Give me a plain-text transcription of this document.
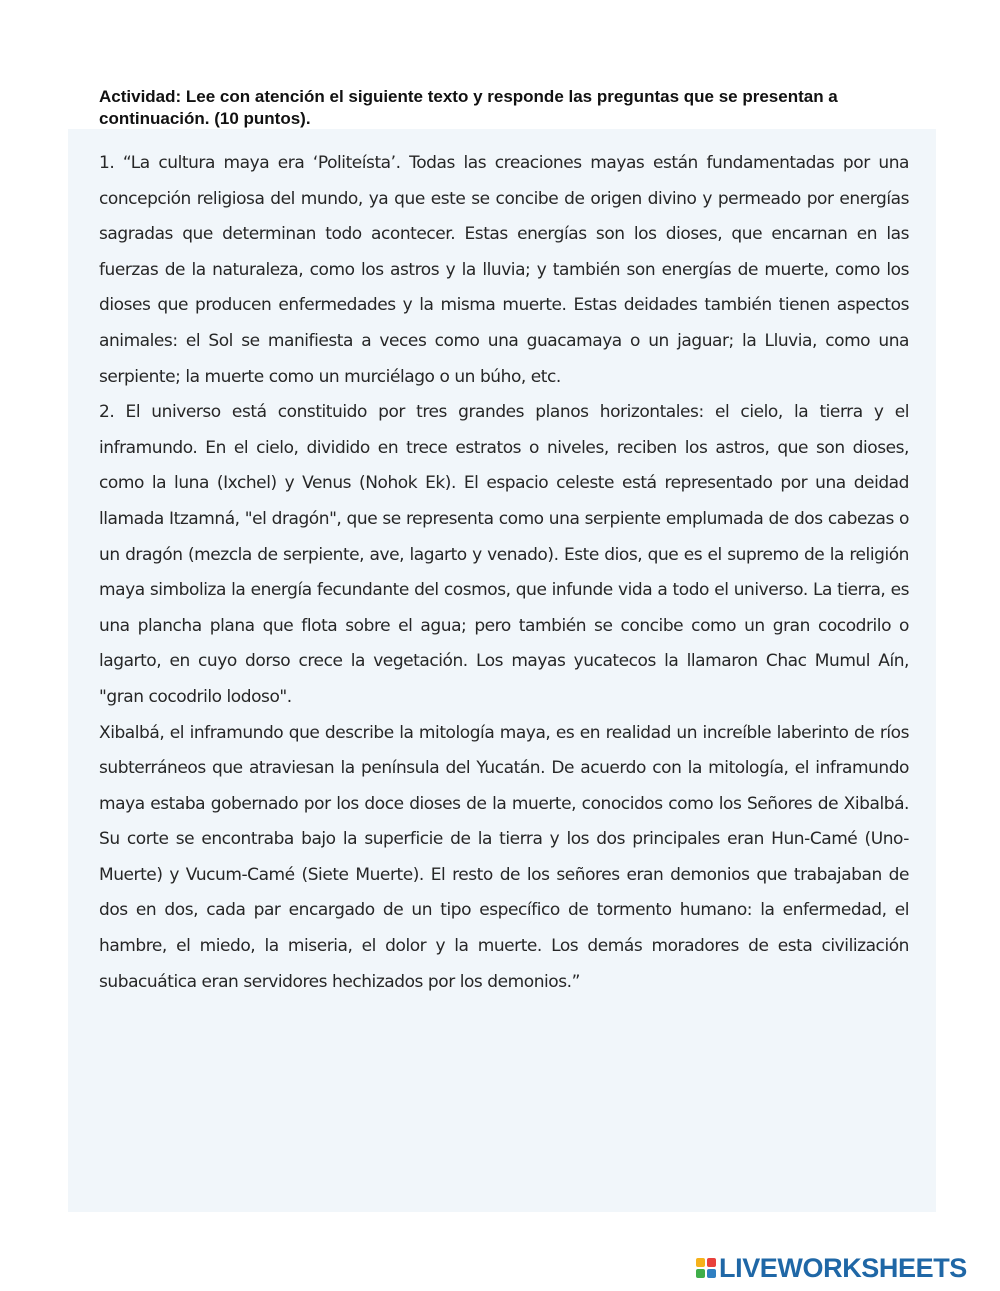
Actividad: Lee con atención el siguiente texto y responde las preguntas que se presentan a continuación. (10 puntos).

1. “La cultura maya era ‘Politeísta’. Todas las creaciones mayas están fundamentadas por una concepción religiosa del mundo, ya que este se concibe de origen divino y permeado por energías sagradas que determinan todo acontecer. Estas energías son los dioses, que encarnan en las fuerzas de la naturaleza, como los astros y la lluvia; y también son energías de muerte, como los dioses que producen enfermedades y la misma muerte. Estas deidades también tienen aspectos animales: el Sol se manifiesta a veces como una guacamaya o un jaguar; la Lluvia, como una serpiente; la muerte como un murciélago o un búho, etc.

2. El universo está constituido por tres grandes planos horizontales: el cielo, la tierra y el inframundo. En el cielo, dividido en trece estratos o niveles, reciben los astros, que son dioses, como la luna (Ixchel) y Venus (Nohok Ek). El espacio celeste está representado por una deidad llamada Itzamná, "el dragón", que se representa como una serpiente emplumada de dos cabezas o un dragón (mezcla de serpiente, ave, lagarto y venado). Este dios, que es el supremo de la religión maya simboliza la energía fecundante del cosmos, que infunde vida a todo el universo. La tierra, es una plancha plana que flota sobre el agua; pero también se concibe como un gran cocodrilo o lagarto, en cuyo dorso crece la vegetación. Los mayas yucatecos la llamaron Chac Mumul Aín, "gran cocodrilo lodoso".

Xibalbá, el inframundo que describe la mitología maya, es en realidad un increíble laberinto de ríos subterráneos que atraviesan la península del Yucatán. De acuerdo con la mitología, el inframundo maya estaba gobernado por los doce dioses de la muerte, conocidos como los Señores de Xibalbá. Su corte se encontraba bajo la superficie de la tierra y los dos principales eran Hun-Camé (Uno- Muerte) y Vucum-Camé (Siete Muerte). El resto de los señores eran demonios que trabajaban de dos en dos, cada par encargado de un tipo específico de tormento humano: la enfermedad, el hambre, el miedo, la miseria, el dolor y la muerte. Los demás moradores de esta civilización subacuática eran servidores hechizados por los demonios.”

LIVEWORKSHEETS
